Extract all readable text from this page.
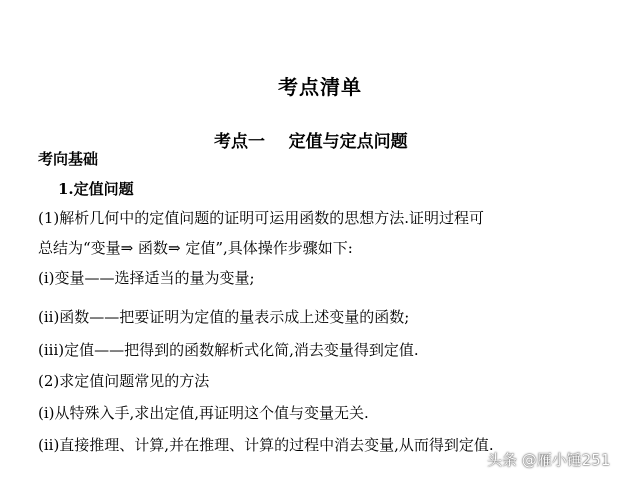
考点清单
考点一    定值与定点问题
考向基础
1.定值问题
(1)解析几何中的定值问题的证明可运用函数的思想方法.证明过程可
总结为“变量⇒ 函数⇒ 定值”,具体操作步骤如下:
(i)变量——选择适当的量为变量;
(ii)函数——把要证明为定值的量表示成上述变量的函数;
(iii)定值——把得到的函数解析式化简,消去变量得到定值.
(2)求定值问题常见的方法
(i)从特殊入手,求出定值,再证明这个值与变量无关.
(ii)直接推理、计算,并在推理、计算的过程中消去变量,从而得到定值.
头条 @雁小锤251
